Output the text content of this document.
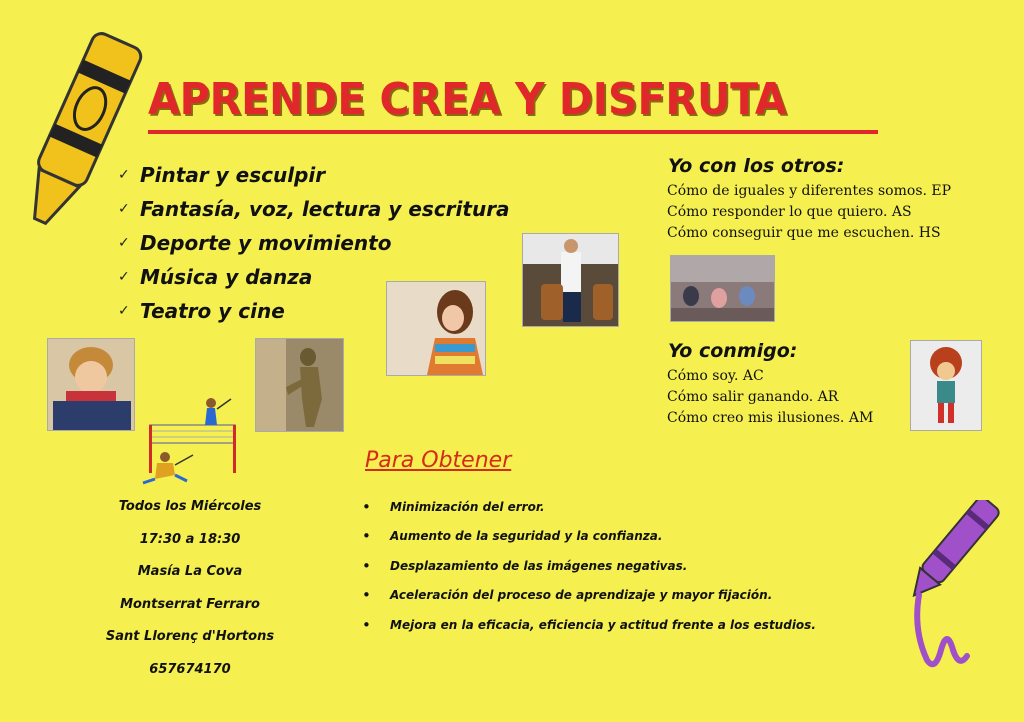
APRENDE CREA Y DISFRUTA
✓ Pintar y esculpir
✓ Fantasía, voz, lectura y escritura
✓ Deporte y movimiento
✓ Música y danza
✓ Teatro y cine
Yo con los otros:
Cómo de iguales y diferentes somos. EP
Cómo responder lo que quiero. AS
Cómo conseguir que me escuchen. HS
Yo conmigo:
Cómo soy. AC
Cómo salir ganando. AR
Cómo creo mis ilusiones. AM
Todos los Miércoles
17:30 a 18:30
Masía La Cova
Montserrat Ferraro
Sant Llorenç d'Hortons
657674170
Para Obtener
•	Minimización del error.
•	Aumento de la seguridad y la confianza.
•	Desplazamiento de las imágenes negativas.
•	Aceleración del proceso de aprendizaje y mayor fijación.
•	Mejora en la eficacia, eficiencia y actitud frente a los estudios.
